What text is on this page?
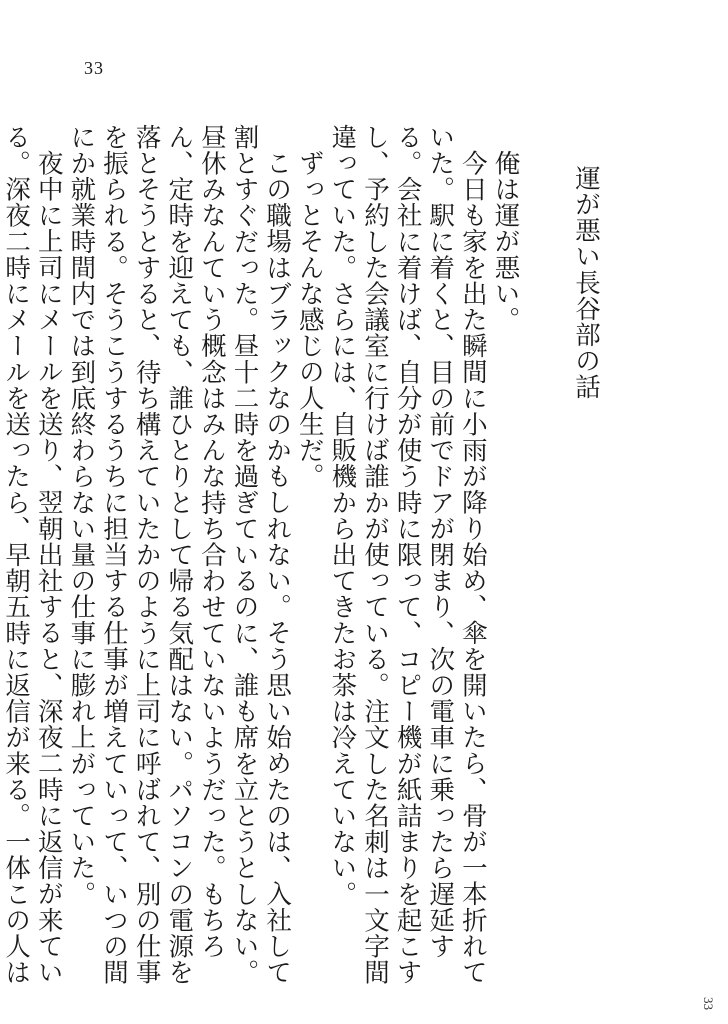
33
運が悪い長谷部の話

俺は運が悪い。

今日も家を出た瞬間に小雨が降り始め、傘を開いたら、骨が一本折れていた。駅に着くと、目の前でドアが閉まり、次の電車に乗ったら遅延する。会社に着けば、自分が使う時に限って、コピー機が紙詰まりを起こすし、予約した会議室に行けば誰かが使っている。注文した名刺は一文字間違っていた。さらには、自販機から出てきたお茶は冷えていない。

ずっとそんな感じの人生だ。

この職場はブラックなのかもしれない。そう思い始めたのは、入社して割とすぐだった。昼十二時を過ぎているのに、誰も席を立とうとしない。昼休みなんていう概念はみんな持ち合わせていないようだった。もちろん、定時を迎えても、誰ひとりとして帰る気配はない。パソコンの電源を落とそうとすると、待ち構えていたかのように上司に呼ばれて、別の仕事を振られる。そうこうするうちに担当する仕事が増えていって、いつの間にか就業時間内では到底終わらない量の仕事に膨れ上がっていた。

夜中に上司にメールを送り、翌朝出社すると、深夜二時に返信が来ている。深夜二時にメールを送ったら、早朝五時に返信が来る。一体この人は

33
